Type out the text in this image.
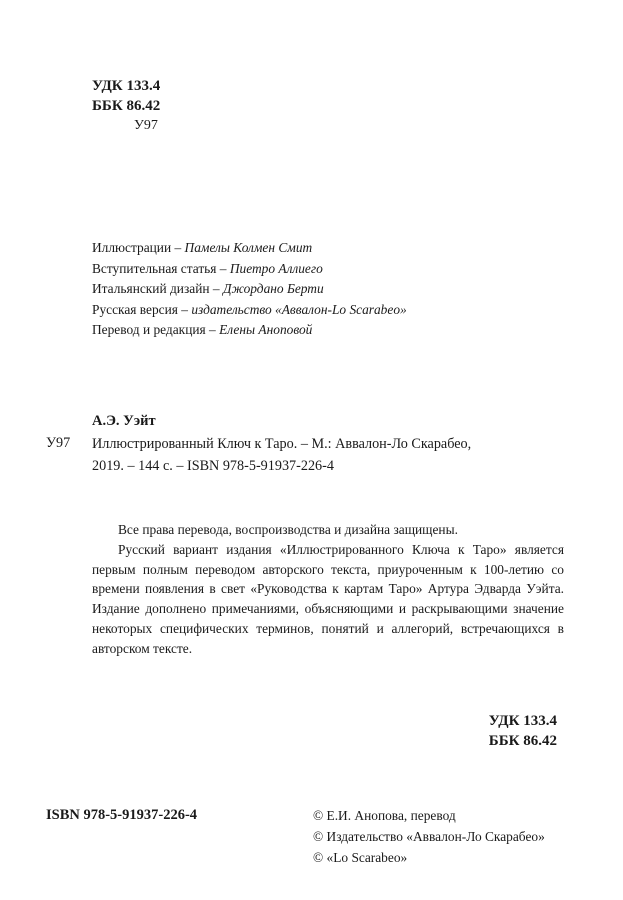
УДК 133.4
ББК 86.42
У97
Иллюстрации – Памелы Колмен Смит
Вступительная статья – Пиетро Аллиего
Итальянский дизайн – Джордано Берти
Русская версия – издательство «Аввалон-Lo Scarabeo»
Перевод и редакция – Елены Аноповой
А.Э. Уэйт
У97 Иллюстрированный Ключ к Таро. – М.: Аввалон-Ло Скарабео,
2019. – 144 с. – ISBN 978-5-91937-226-4

Все права перевода, воспроизводства и дизайна защищены.

Русский вариант издания «Иллюстрированного Ключа к Таро» является первым полным переводом авторского текста, приуроченным к 100-летию со времени появления в свет «Руководства к картам Таро» Артура Эдварда Уэйта. Издание дополнено примечаниями, объясняющими и раскрывающими значение некоторых специфических терминов, понятий и аллегорий, встречающихся в авторском тексте.

УДК 133.4
ББК 86.42
ISBN 978-5-91937-226-4	© Е.И. Анопова, перевод
© Издательство «Аввалон-Ло Скарабео»
© «Lo Scarabeo»
